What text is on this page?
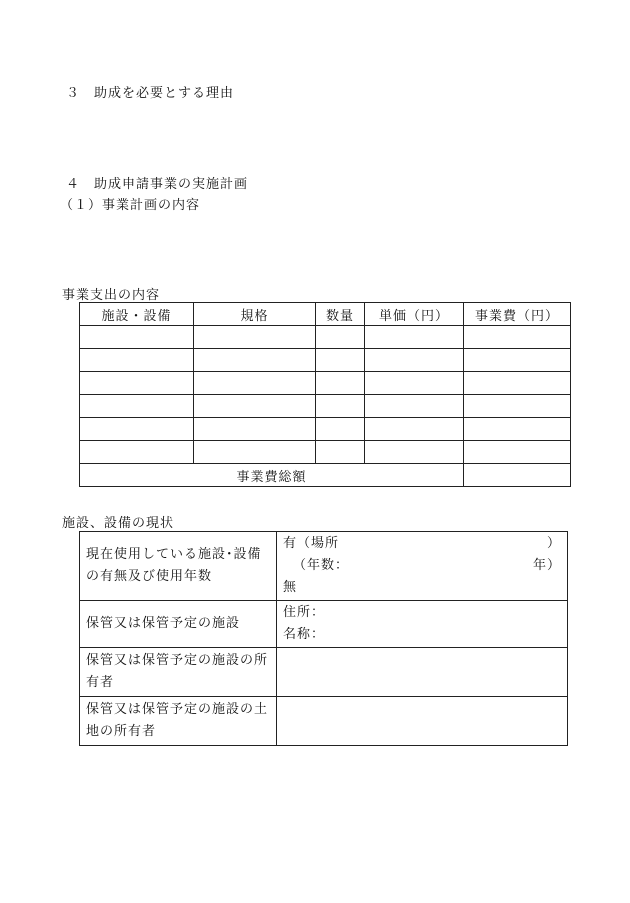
３　助成を必要とする理由
４　助成申請事業の実施計画
（１）事業計画の内容
事業支出の内容
施設・設備	規格	数量	単価（円）	事業費（円）

事業費総額				
施設、設備の現状
現在使用している施設･設備の有無及び使用年数	有（場所 ）
（年数： 年）
無

保管又は保管予定の施設	住所：
名称：

保管又は保管予定の施設の所有者	
保管又は保管予定の施設の土地の所有者	
